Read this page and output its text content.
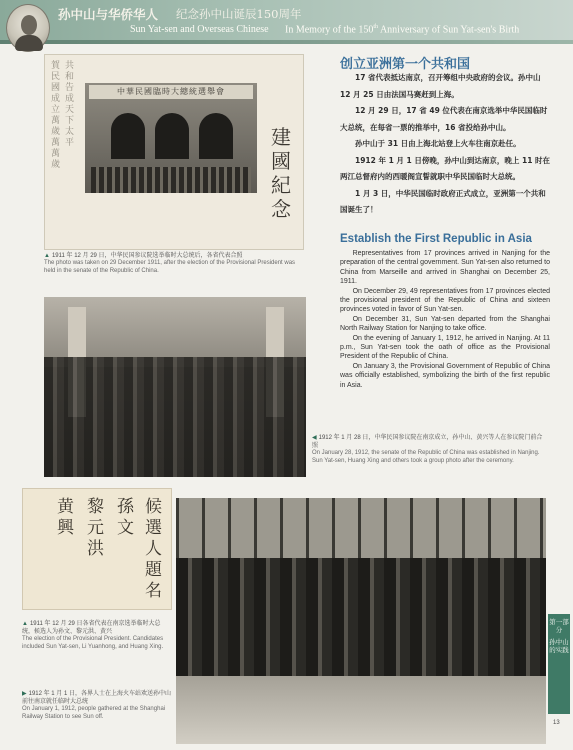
孙中山与华侨华人 纪念孙中山诞辰150周年
Sun Yat-sen and Overseas Chinese In Memory of the 150th Anniversary of Sun Yat-sen's Birth
賀民國成立萬歲萬萬歲
共和告成天下太平
中華民國臨時大總統選舉會
建國紀念
▲ 1911 年 12 月 29 日，中华民国参议院选举临时大总统后，各省代表合照
The photo was taken on 29 December 1911, after the election of the Provisional President was held in the senate of the Republic of China.
◀ 1912 年 1 月 28 日，中华民国参议院在南京成立，孙中山、黄兴等人在参议院门前合照
On January 28, 1912, the senate of the Republic of China was established in Nanjing. Sun Yat-sen, Huang Xing and others took a group photo after the ceremony.
候選人題名
孫文
黎元洪
黄興
▲ 1911 年 12 月 29 日各省代表在南京选举临时大总统，候选人为孙文、黎元洪、黄兴
The election of the Provisional President. Candidates included Sun Yat-sen, Li Yuanhong, and Huang Xing.
▶ 1912 年 1 月 1 日，各界人士在上海火车站欢送孙中山前往南京就任临时大总统
On January 1, 1912, people gathered at the Shanghai Railway Station to see Sun off.
创立亚洲第一个共和国

17 省代表抵达南京，召开筹组中央政府的会议。孙中山 12 月 25 日由法国马赛赶到上海。

12 月 29 日，17 省 49 位代表在南京选举中华民国临时大总统，在每省一票的推举中，16 省投给孙中山。

孙中山于 31 日由上海北站登上火车往南京赴任。

1912 年 1 月 1 日傍晚，孙中山到达南京，晚上 11 时在两江总督府内的西暖阁宣誓就职中华民国临时大总统。

1 月 3 日，中华民国临时政府正式成立，亚洲第一个共和国诞生了！

Establish the First Republic in Asia

Representatives from 17 provinces arrived in Nanjing for the preparation of the central government. Sun Yat-sen also returned to China from Marseille and arrived in Shanghai on December 25, 1911.

On December 29, 49 representatives from 17 provinces elected the provisional president of the Republic of China and sixteen provinces voted in favor of Sun Yat-sen.

On December 31, Sun Yat-sen departed from the Shanghai North Railway Station for Nanjing to take office.

On the evening of January 1, 1912, he arrived in Nanjing. At 11 p.m., Sun Yat-sen took the oath of office as the Provisional President of the Republic of China.

On January 3, the Provisional Government of Republic of China was officially established, symbolizing the birth of the first republic in Asia.

第一部分
孙中山的实践
13
